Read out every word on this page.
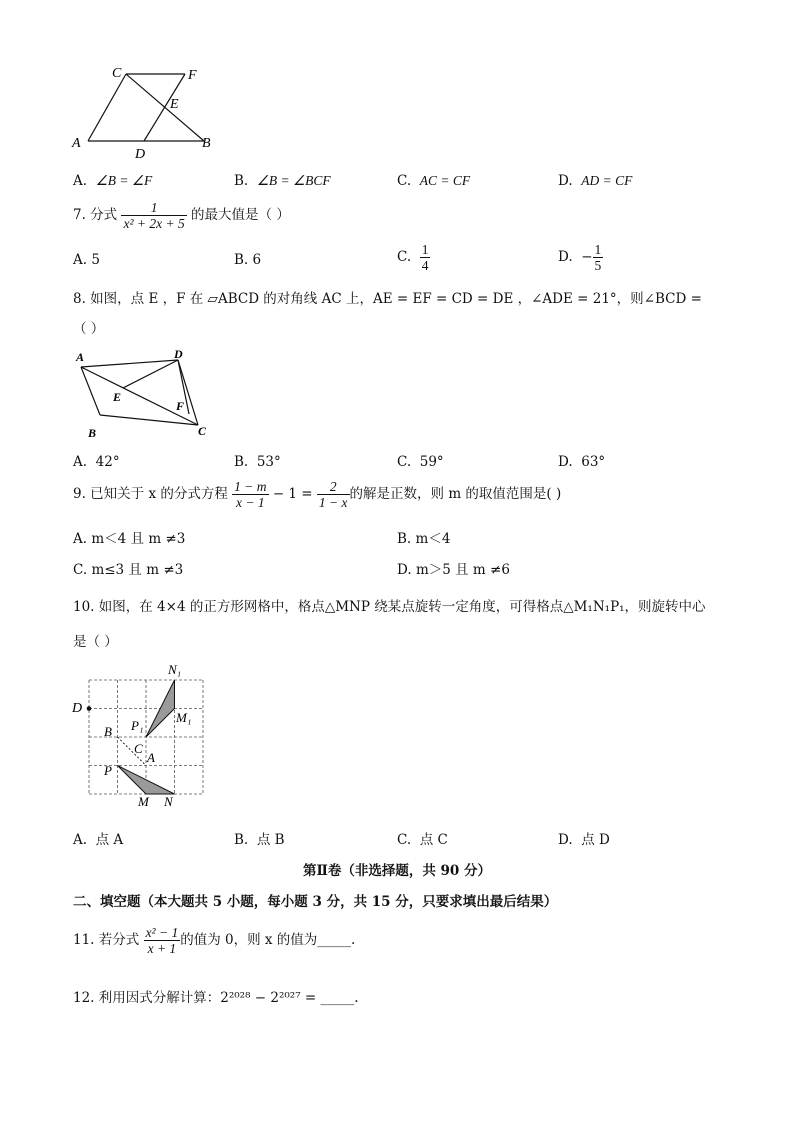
C	F
E
A
D
B
A. ∠B = ∠F	B. ∠B = ∠BCF	C. AC = CF	D. AD = CF
7. 分式 $\frac{1}{\text{x² + 2x + 5}}$ 的最大值是（ ）
A. 5	B. 6	C. $\frac{1}{4}$	D. − $\frac{1}{5}$
8. 如图，点 E ，F 在 ▱ABCD 的对角线 AC 上，AE = EF = CD = DE ，∠ADE = 21°，则∠BCD =
（ ）
A	D
E
F
B	C
A. 42°	B. 53°	C. 59°	D. 63°
9. 已知关于 x 的分式方程 $\frac{1 - m}{x - 1} - 1 = \frac{2}{1 - x}$ 的解是正数，则 m 的取值范围是( )
A. m＜4 且 m ≠3	B. m＜4
C. m≤3 且 m ≠3	D. m＞5 且 m ≠6
10. 如图，在 4×4 的正方形网格中，格点△MNP 绕某点旋转一定角度，可得格点△M₁N₁P₁，则旋转中心
是（ ）
D
N₁
M₁
P₁
B
C
A
P
M N
A. 点 A	B. 点 B	C. 点 C	D. 点 D
第Ⅱ卷（非选择题，共 90 分）
二、填空题（本大题共 5 小题，每小题 3 分，共 15 分，只要求填出最后结果）
11. 若分式 $\frac{\text{x² − 1}}{x + 1}$ 的值为 0，则 x 的值为_____.
12. 利用因式分解计算：2²⁰²⁸ − 2²⁰²⁷ = _____.
